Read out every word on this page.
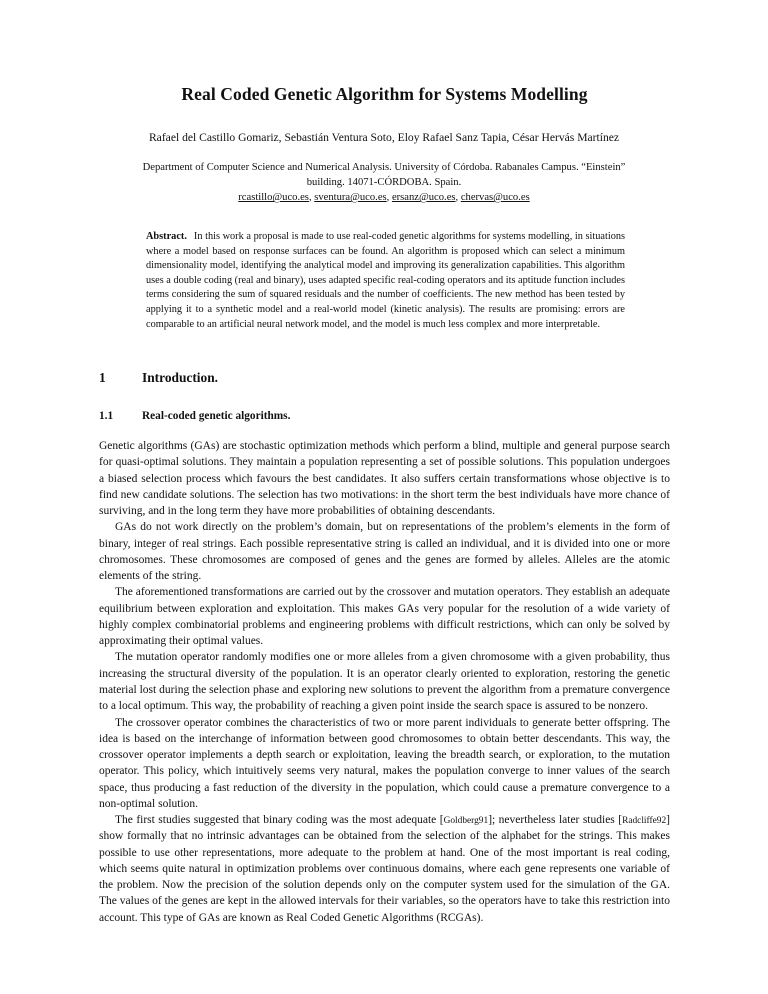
Real Coded Genetic Algorithm for Systems Modelling
Rafael del Castillo Gomariz, Sebastián Ventura Soto, Eloy Rafael Sanz Tapia, César Hervás Martínez
Department of Computer Science and Numerical Analysis. University of Córdoba. Rabanales Campus. “Einstein”
building. 14071-CÓRDOBA. Spain.
rcastillo@uco.es, sventura@uco.es, ersanz@uco.es, chervas@uco.es
Abstract. In this work a proposal is made to use real-coded genetic algorithms for systems modelling, in situations where a model based on response surfaces can be found. An algorithm is proposed which can select a minimum dimensionality model, identifying the analytical model and improving its generalization capabilities. This algorithm uses a double coding (real and binary), uses adapted specific real-coding operators and its aptitude function includes terms considering the sum of squared residuals and the number of coefficients. The new method has been tested by applying it to a synthetic model and a real-world model (kinetic analysis). The results are promising: errors are comparable to an artificial neural network model, and the model is much less complex and more interpretable.
1	Introduction.
1.1	Real-coded genetic algorithms.

Genetic algorithms (GAs) are stochastic optimization methods which perform a blind, multiple and general purpose search for quasi-optimal solutions. They maintain a population representing a set of possible solutions. This population undergoes a biased selection process which favours the best candidates. It also suffers certain transformations whose objective is to find new candidate solutions. The selection has two motivations: in the short term the best individuals have more chance of surviving, and in the long term they have more probabilities of obtaining descendants.

GAs do not work directly on the problem’s domain, but on representations of the problem’s elements in the form of binary, integer of real strings. Each possible representative string is called an individual, and it is divided into one or more chromosomes. These chromosomes are composed of genes and the genes are formed by alleles. Alleles are the atomic elements of the string.

The aforementioned transformations are carried out by the crossover and mutation operators. They establish an adequate equilibrium between exploration and exploitation. This makes GAs very popular for the resolution of a wide variety of highly complex combinatorial problems and engineering problems with difficult restrictions, which can only be solved by approximating their optimal values.

The mutation operator randomly modifies one or more alleles from a given chromosome with a given probability, thus increasing the structural diversity of the population. It is an operator clearly oriented to exploration, restoring the genetic material lost during the selection phase and exploring new solutions to prevent the algorithm from a premature convergence to a local optimum. This way, the probability of reaching a given point inside the search space is assured to be nonzero.

The crossover operator combines the characteristics of two or more parent individuals to generate better offspring. The idea is based on the interchange of information between good chromosomes to obtain better descendants. This way, the crossover operator implements a depth search or exploitation, leaving the breadth search, or exploration, to the mutation operator. This policy, which intuitively seems very natural, makes the population converge to inner values of the search space, thus producing a fast reduction of the diversity in the population, which could cause a premature convergence to a non-optimal solution.

The first studies suggested that binary coding was the most adequate [Goldberg91]; nevertheless later studies [Radcliffe92] show formally that no intrinsic advantages can be obtained from the selection of the alphabet for the strings. This makes possible to use other representations, more adequate to the problem at hand. One of the most important is real coding, which seems quite natural in optimization problems over continuous domains, where each gene represents one variable of the problem. Now the precision of the solution depends only on the computer system used for the simulation of the GA. The values of the genes are kept in the allowed intervals for their variables, so the operators have to take this restriction into account. This type of GAs are known as Real Coded Genetic Algorithms (RCGAs).
